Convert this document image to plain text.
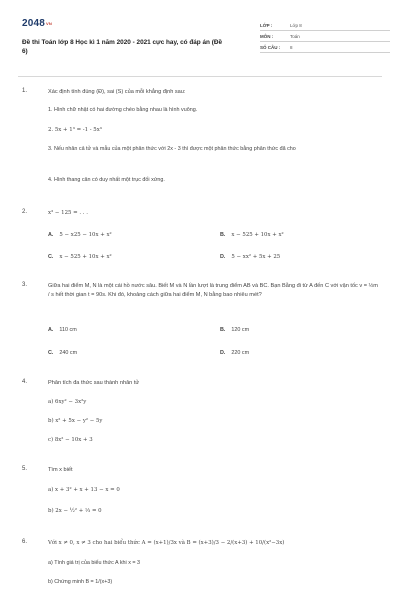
2048VN
Đề thi Toán lớp 8 Học kì 1 năm 2020 - 2021 cực hay, có đáp án (Đề 6)
LỚP :	Lớp 8
MÔN :	Toán
SỐ CÂU :	8
1.	Xác định tính đúng (Đ), sai (S) của mỗi khẳng định sau:
1. Hình chữ nhật có hai đường chéo bằng nhau là hình vuông.
2. 5x + 1³ = -1 - 5x³
3. Nếu nhân cả tử và mẫu của một phân thức với 2x - 3 thì được một phân thức bằng phân thức đã cho
4. Hình thang cân có duy nhất một trục đối xứng.
2.	x³ − 125 = . . .
A. 5 − x25 − 10x + x²	B. x − 525 + 10x + x²
C. x − 525 + 10x + x²	D. 5 − xx² + 5x + 25
3.	Giữa hai điểm M, N là một cái hồ nước sâu. Biết M và N lần lượt là trung điểm AB và BC. Bạn Bằng đi từ A đến C với vận tốc v = ½m / s hết thời gian t = 90s. Khi đó, khoảng cách giữa hai điểm M, N bằng bao nhiêu mét?
A. 110 cm	B. 120 cm
C. 240 cm	D. 220 cm
4.	Phân tích đa thức sau thành nhân tử
a) 6xy² − 3x²y
b) x² + 5x − y² − 5y
c) 8x² − 10x + 3
5.	Tìm x biết
a) x + 3² + x + 13 − x = 0
b) 2x − ½² + ⅓ = 0
6.	Với x ≠ 0, x ≠ 3 cho hai biểu thức A = (x+1)/3x và B = (x+3)/3 − 2/(x+3) + 10/(x²−3x)
a) Tính giá trị của biểu thức A khi x = 3
b) Chứng minh B = 1/(x+3)
